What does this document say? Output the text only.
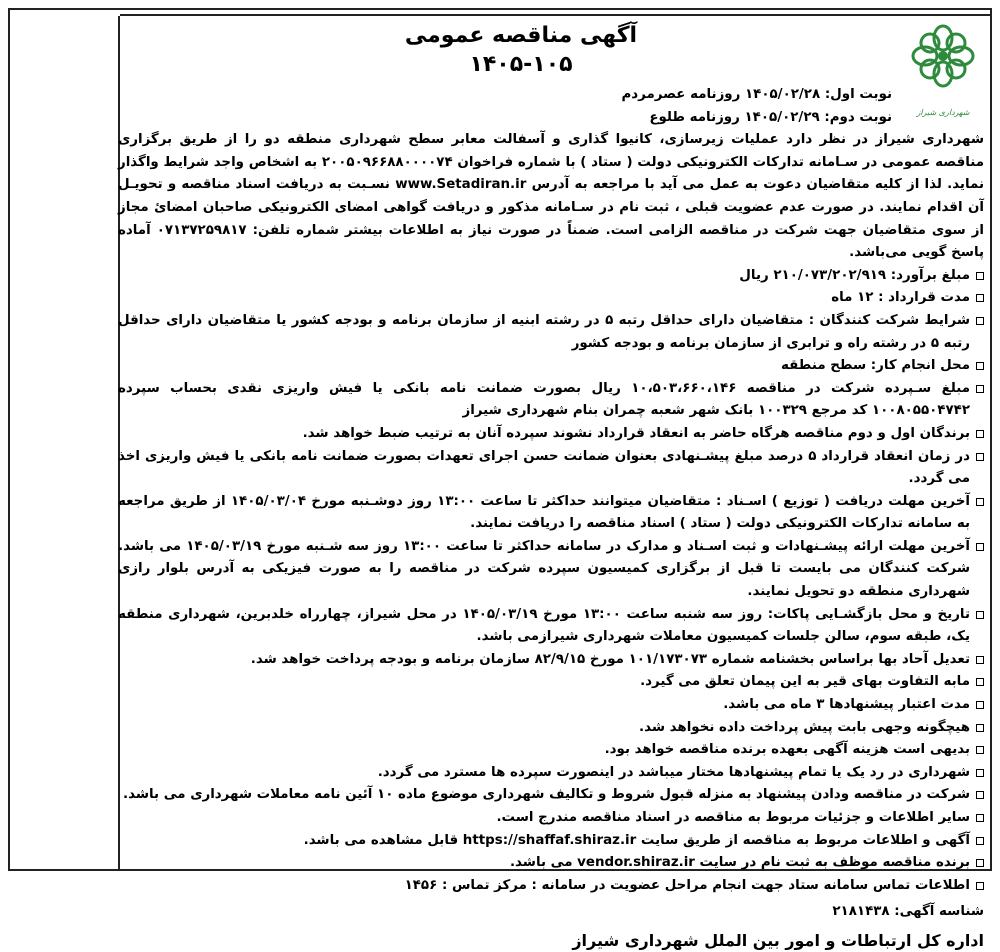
شهرداری شیراز

آگهی مناقصه عمومی

۱۴۰۵-۱۰۵

نوبت اول: ۱۴۰۵/۰۲/۲۸ روزنامه عصرمردم

نوبت دوم: ۱۴۰۵/۰۲/۲۹ روزنامه طلوع

شهرداری شیراز در نظر دارد عملیات زیرسازی، کانیوا گذاری و آسفالت معابر سطح شهرداری منطقه دو را از طریق برگزاری مناقصه عمومی در سـامانه تدارکات الکترونیکی دولت ( ستاد ) با شماره فراخوان ۲۰۰۵۰۹۶۶۸۸۰۰۰۰۷۴ به اشخاص واجد شرایط واگذار نماید. لذا از کلیه متقاضیان دعوت به عمل می آید با مراجعه به آدرس www.Setadiran.ir نسـبت به دریافت اسناد مناقصه و تحویـل آن اقدام نمایند. در صورت عدم عضویت قبلی ، ثبت نام در سـامانه مذکور و دریافت گواهی امضای الکترونیکی صاحبان امضائ مجاز از سوی متقاضیان جهت شرکت در مناقصه الزامی است. ضمناً در صورت نیاز به اطلاعات بیشتر شماره تلفن: ۰۷۱۳۷۲۵۹۸۱۷ آماده پاسخ گویی می‌باشد.

مبلغ برآورد: ۲۱۰/۰۷۳/۲۰۲/۹۱۹ ریال

مدت قرارداد : ۱۲ ماه

شرایط شرکت کنندگان : متقاضیان دارای حداقل رتبه ۵ در رشته ابنیه از سازمان برنامه و بودجه کشور یا متقاضیان دارای حداقل رتبه ۵ در رشته راه و ترابری از سازمان برنامه و بودجه کشور

محل انجام کار: سطح منطقه

مبلغ سـپرده شرکت در مناقصه ۱۰،۵۰۳،۶۶۰،۱۴۶ ریال بصورت ضمانت نامه بانکی یا فیش واریزی نقدی بحساب سپرده ۱۰۰۸۰۵۵۰۴۷۴۲ کد مرجع ۱۰۰۳۲۹ بانک شهر شعبه چمران بنام شهرداری شیراز

برندگان اول و دوم مناقصه هرگاه حاضر به انعقاد قرارداد نشوند سپرده آنان به ترتیب ضبط خواهد شد.

در زمان انعقاد قرارداد ۵ درصد مبلغ پیشـنهادی بعنوان ضمانت حسن اجرای تعهدات بصورت ضمانت نامه بانکی یا فیش واریزی اخذ می گردد.

آخرین مهلت دریافت ( توزیع ) اسـناد : متقاضیان میتوانند حداکثر تا ساعت ۱۳:۰۰ روز دوشـنبه مورخ ۱۴۰۵/۰۳/۰۴ از طریق مراجعه به سامانه تدارکات الکترونیکی دولت ( ستاد ) اسناد مناقصه را دریافت نمایند.

آخرین مهلت ارائه پیشـنهادات و ثبت اسـناد و مدارک در سامانه حداکثر تا ساعت ۱۳:۰۰ روز سه شـنبه مورخ ۱۴۰۵/۰۳/۱۹ می باشد. شرکت کنندگان می بایست تا قبل از برگزاری کمیسیون سپرده شرکت در مناقصه را به صورت فیزیکی به آدرس بلوار رازی شهرداری منطقه دو تحویل نمایند.

تاریخ و محل بازگشـایی پاکات: روز سه شنبه ساعت ۱۳:۰۰ مورخ ۱۴۰۵/۰۳/۱۹ در محل شیراز، چهارراه خلدبرین، شهرداری منطقه یک، طبقه سوم، سالن جلسات کمیسیون معاملات شهرداری شیرازمی باشد.

تعدیل آحاد بها براساس بخشنامه شماره ۱۰۱/۱۷۳۰۷۳ مورخ ۸۲/۹/۱۵ سازمان برنامه و بودجه پرداخت خواهد شد.

مابه التفاوت بهای قیر به این پیمان تعلق می گیرد.

مدت اعتبار پیشنهادها ۳ ماه می باشد.

هیچگونه وجهی بابت پیش پرداخت داده نخواهد شد.

بدیهی است هزینه آگهی بعهده برنده مناقصه خواهد بود.

شهرداری در رد یک یا تمام پیشنهادها مختار میباشد در اینصورت سپرده ها مسترد می گردد.

شرکت در مناقصه ودادن پیشنهاد به منزله قبول شروط و تکالیف شهرداری موضوع ماده ۱۰ آئین نامه معاملات شهرداری می باشد.

سایر اطلاعات و جزئیات مربوط به مناقصه در اسناد مناقصه مندرج است.

آگهی و اطلاعات مربوط به مناقصه از طریق سایت https://shaffaf.shiraz.ir قابل مشاهده می باشد.

برنده مناقصه موظف به ثبت نام در سایت vendor.shiraz.ir می باشد.

اطلاعات تماس سامانه ستاد جهت انجام مراحل عضویت در سامانه : مرکز تماس : ۱۴۵۶

شناسه آگهی: ۲۱۸۱۴۳۸

اداره کل ارتباطات و امور بین الملل شهرداری شیراز
